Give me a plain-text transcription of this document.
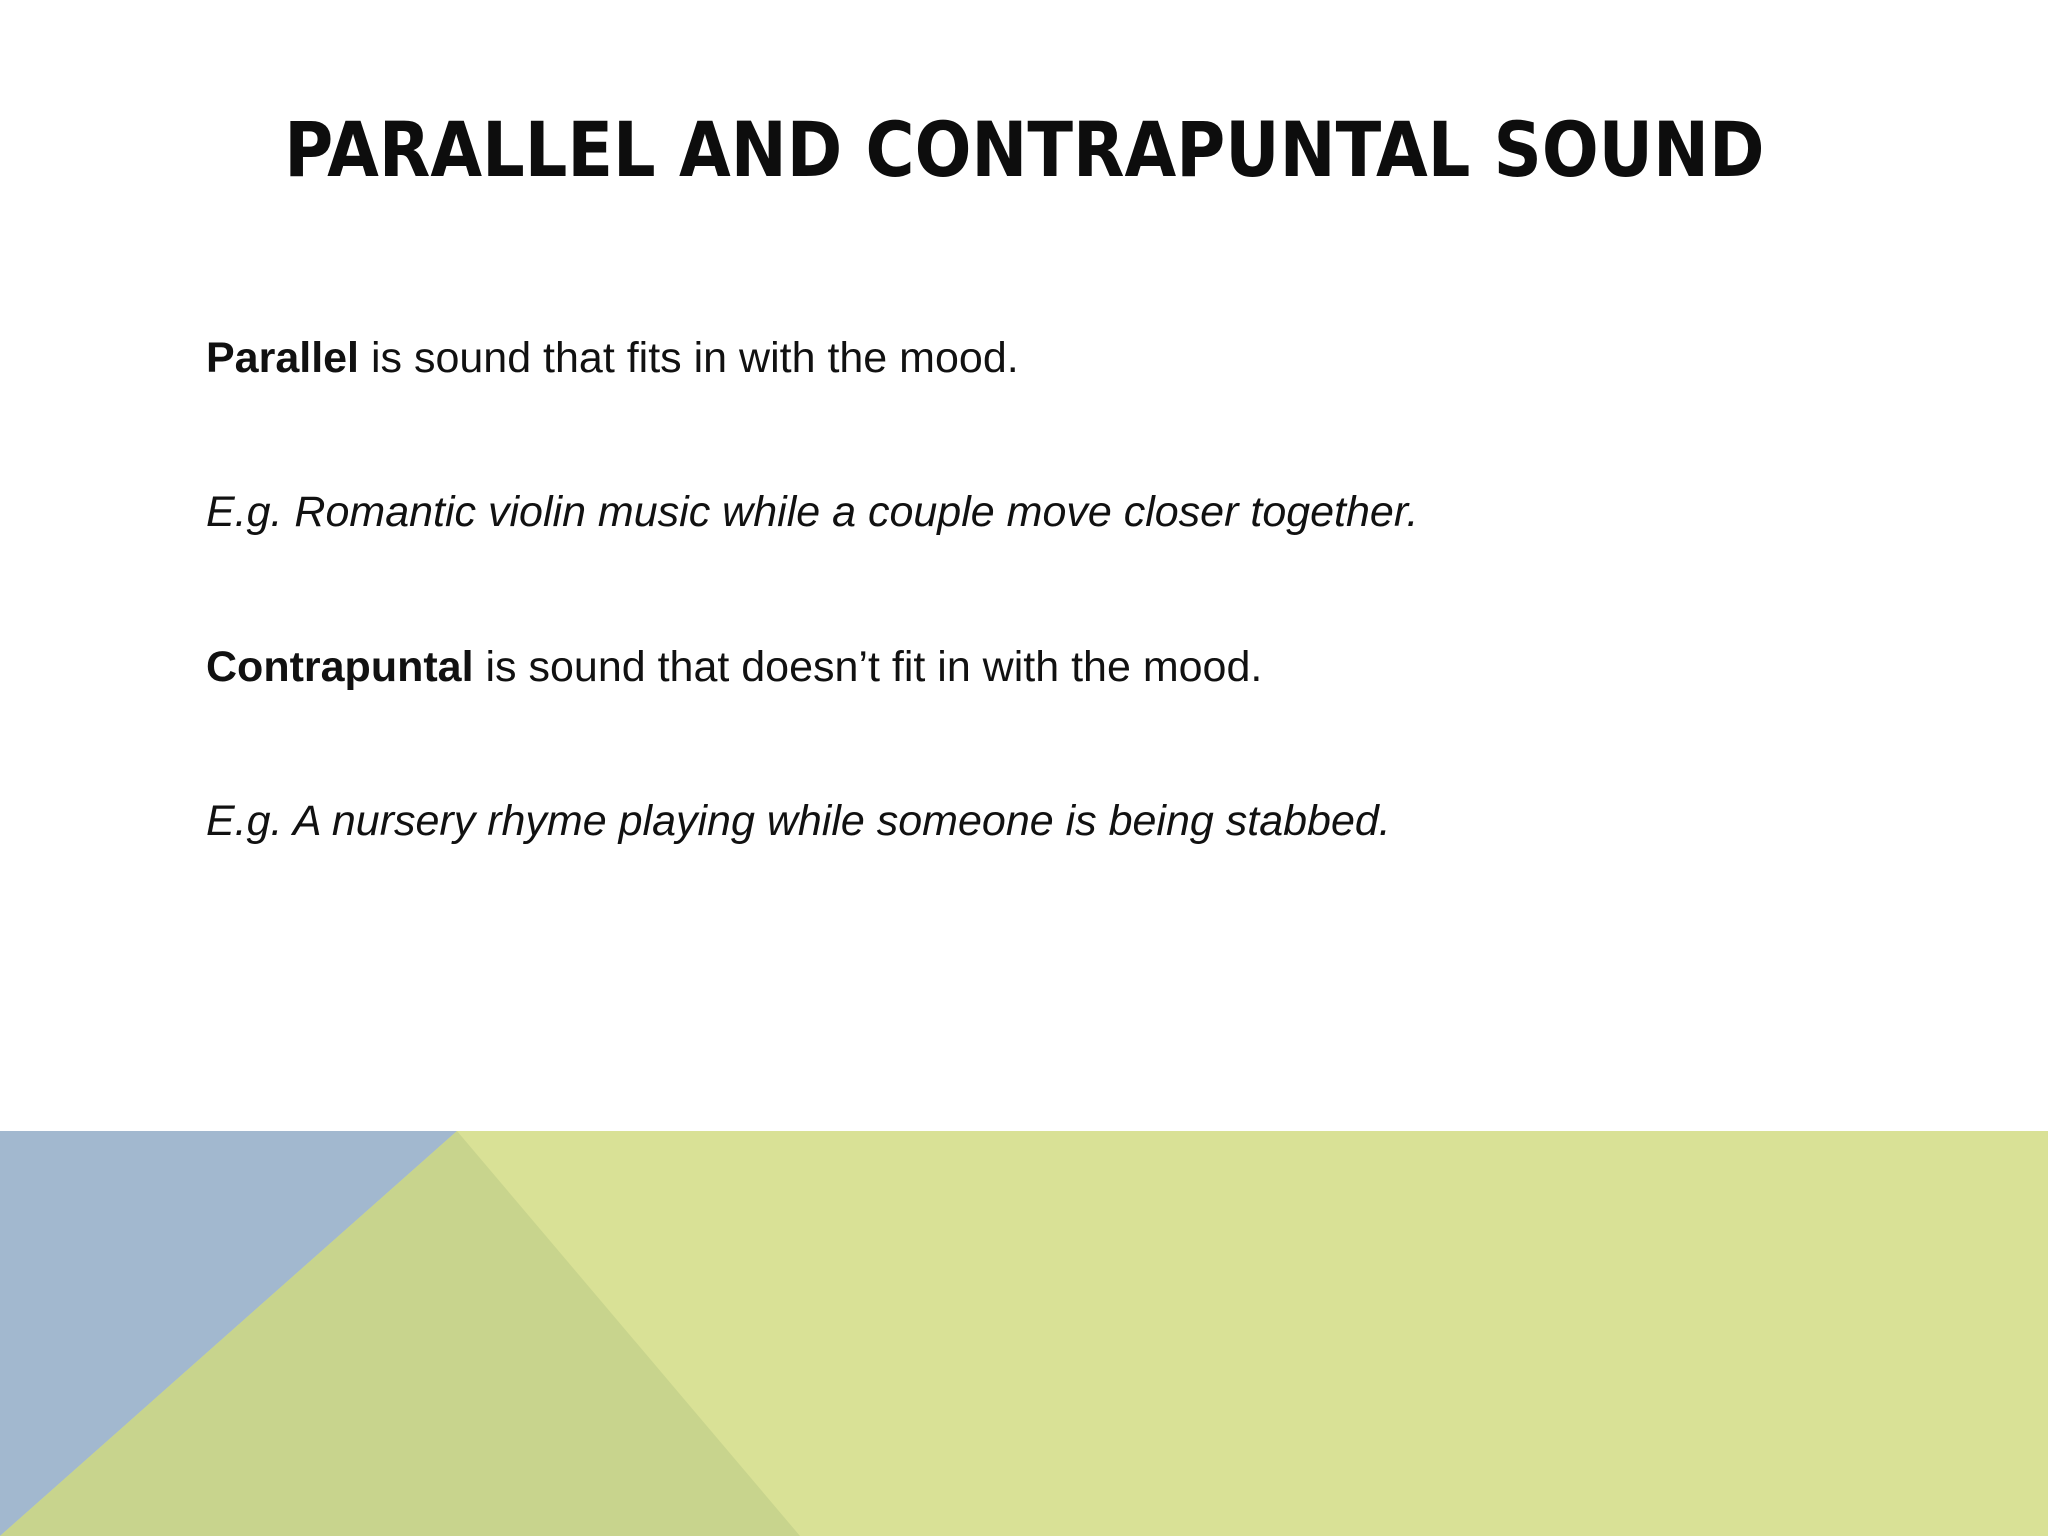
PARALLEL AND CONTRAPUNTAL SOUND
Parallel is sound that fits in with the mood.
E.g. Romantic violin music while a couple move closer together.
Contrapuntal is sound that doesn’t fit in with the mood.
E.g. A nursery rhyme playing while someone is being stabbed.
